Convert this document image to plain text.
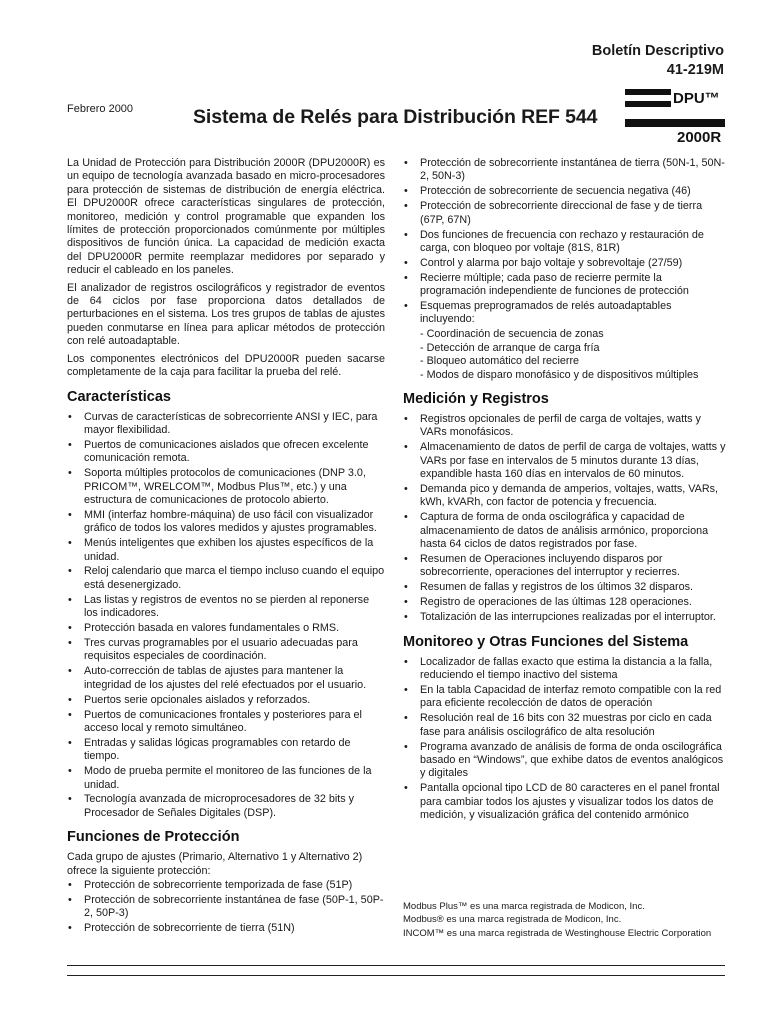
Boletín Descriptivo
41-219M
Febrero 2000	Sistema de Relés para Distribución REF 544
DPU™
2000R

La Unidad de Protección para Distribución 2000R (DPU2000R) es un equipo de tecnología avanzada basado en micro-procesadores para protección de sistemas de distribución de energía eléctrica. El DPU2000R ofrece características singulares de protección, monitoreo, medición y control programable que expanden los límites de protección proporcionados comúnmente por múltiples dispositivos de función única. La capacidad de medición exacta del DPU2000R permite reemplazar medidores por separado y reducir el cableado en los paneles.

El analizador de registros oscilográficos y registrador de eventos de 64 ciclos por fase proporciona datos detallados de perturbaciones en el sistema. Los tres grupos de tablas de ajustes pueden conmutarse en línea para aplicar métodos de protección con relé autoadaptable.

Los componentes electrónicos del DPU2000R pueden sacarse completamente de la caja para facilitar la prueba del relé.

Características
• Curvas de características de sobrecorriente ANSI y IEC, para mayor flexibilidad.
• Puertos de comunicaciones aislados que ofrecen excelente comunicación remota.
• Soporta múltiples protocolos de comunicaciones (DNP 3.0, PRICOM™, WRELCOM™, Modbus Plus™, etc.) y una estructura de comunicaciones de protocolo abierto.
• MMI (interfaz hombre-máquina) de uso fácil con visualizador gráfico de todos los valores medidos y ajustes programables.
• Menús inteligentes que exhiben los ajustes específicos de la unidad.
• Reloj calendario que marca el tiempo incluso cuando el equipo está desenergizado.
• Las listas y registros de eventos no se pierden al reponerse los indicadores.
• Protección basada en valores fundamentales o RMS.
• Tres curvas programables por el usuario adecuadas para requisitos especiales de coordinación.
• Auto-corrección de tablas de ajustes para mantener la integridad de los ajustes del relé efectuados por el usuario.
• Puertos serie opcionales aislados y reforzados.
• Puertos de comunicaciones frontales y posteriores para el acceso local y remoto simultáneo.
• Entradas y salidas lógicas programables con retardo de tiempo.
• Modo de prueba permite el monitoreo de las funciones de la unidad.
• Tecnología avanzada de microprocesadores de 32 bits y Procesador de Señales Digitales (DSP).
Funciones de Protección

Cada grupo de ajustes (Primario, Alternativo 1 y Alternativo 2) ofrece la siguiente protección:

• Protección de sobrecorriente temporizada de fase (51P)
• Protección de sobrecorriente instantánea de fase (50P-1, 50P-2, 50P-3)
• Protección de sobrecorriente de tierra (51N)
• Protección de sobrecorriente instantánea de tierra (50N-1, 50N-2, 50N-3)
• Protección de sobrecorriente de secuencia negativa (46)
• Protección de sobrecorriente direccional de fase y de tierra (67P, 67N)
• Dos funciones de frecuencia con rechazo y restauración de carga, con bloqueo por voltaje (81S, 81R)
• Control y alarma por bajo voltaje y sobrevoltaje (27/59)
• Recierre múltiple; cada paso de recierre permite la programación independiente de funciones de protección
• Esquemas preprogramados de relés autoadaptables incluyendo:
- Coordinación de secuencia de zonas
- Detección de arranque de carga fría
- Bloqueo automático del recierre
- Modos de disparo monofásico y de dispositivos múltiples
Medición y Registros
• Registros opcionales de perfil de carga de voltajes, watts y VARs monofásicos.
• Almacenamiento de datos de perfil de carga de voltajes, watts y VARs por fase en intervalos de 5 minutos durante 13 días, expandible hasta 160 días en intervalos de 60 minutos.
• Demanda pico y demanda de amperios, voltajes, watts, VARs, kWh, kVARh, con factor de potencia y frecuencia.
• Captura de forma de onda oscilográfica y capacidad de almacenamiento de datos de análisis armónico, proporciona hasta 64 ciclos de datos registrados por fase.
• Resumen de Operaciones incluyendo disparos por sobrecorriente, operaciones del interruptor y recierres.
• Resumen de fallas y registros de los últimos 32 disparos.
• Registro de operaciones de las últimas 128 operaciones.
• Totalización de las interrupciones realizadas por el interruptor.
Monitoreo y Otras Funciones del Sistema
• Localizador de fallas exacto que estima la distancia a la falla, reduciendo el tiempo inactivo del sistema
• En la tabla Capacidad de interfaz remoto compatible con la red para eficiente recolección de datos de operación
• Resolución real de 16 bits con 32 muestras por ciclo en cada fase para análisis oscilográfico de alta resolución
• Programa avanzado de análisis de forma de onda oscilográfica basado en “Windows”, que exhibe datos de eventos analógicos y digitales
• Pantalla opcional tipo LCD de 80 caracteres en el panel frontal para cambiar todos los ajustes y visualizar todos los datos de medición, y visualización gráfica del contenido armónico
Modbus Plus™ es una marca registrada de Modicon, Inc.
Modbus® es una marca registrada de Modicon, Inc.
INCOM™ es una marca registrada de Westinghouse Electric Corporation
